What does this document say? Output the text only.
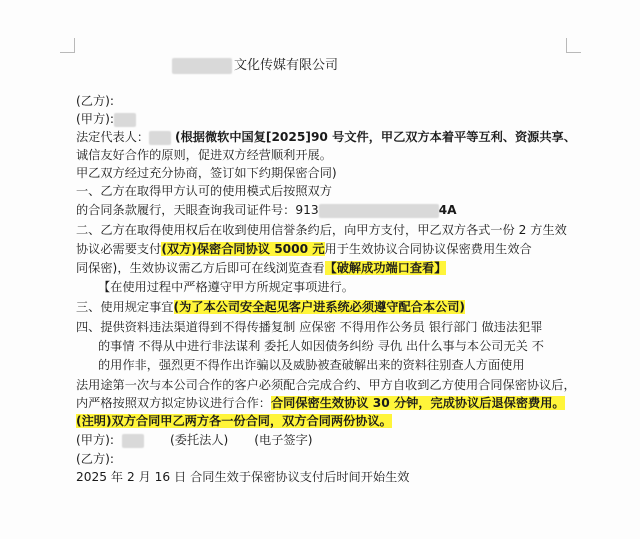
文化传媒有限公司
(乙方):
(甲方):
法定代表人： (根据微软中国复[2025]90 号文件，甲乙双方本着平等互利、资源共享、
诚信友好合作的原则，促进双方经营顺利开展。
甲乙双方经过充分协商，签订如下约期保密合同)
一、乙方在取得甲方认可的使用模式后按照双方
的合同条款履行，天眼查询我司证件号：913	4A
二、乙方在取得使用权后在收到使用信誉条约后，向甲方支付，甲乙双方各式一份 2 方生效
协议必需要支付(双方)保密合同协议 5000 元用于生效协议合同协议保密费用生效合
同保密)，生效协议需乙方后即可在线浏览查看【破解成功端口查看】
【在使用过程中严格遵守甲方所规定事项进行。
三、使用规定事宜(为了本公司安全起见客户进系统必须遵守配合本公司)
四、提供资料违法渠道得到不得传播复制 应保密 不得用作公务员 银行部门 做违法犯罪
的事情 不得从中进行非法谋利 委托人如因债务纠纷 寻仇 出什么事与本公司无关 不
的用作非，强烈更不得作出诈骗以及威胁被查破解出来的资料往别查人方面使用
法用途第一次与本公司合作的客户必须配合完成合约、甲方自收到乙方使用合同保密协议后，
内严格按照双方拟定协议进行合作：合同保密生效协议 30 分钟，完成协议后退保密费用。
(注明)双方合同甲乙两方各一份合同，双方合同两份协议。
(甲方):	(委托法人) (电子签字)
(乙方):
2025 年 2 月 16 日 合同生效于保密协议支付后时间开始生效
